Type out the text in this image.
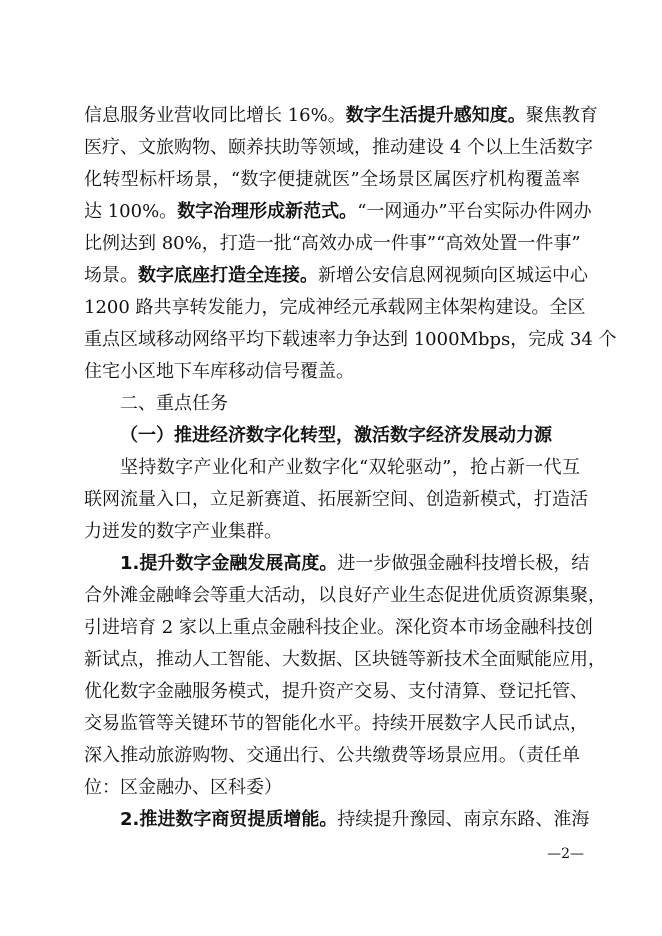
信息服务业营收同比增长 16%。数字生活提升感知度。聚焦教育
医疗、文旅购物、颐养扶助等领域，推动建设 4 个以上生活数字
化转型标杆场景，“数字便捷就医”全场景区属医疗机构覆盖率
达 100%。数字治理形成新范式。“一网通办”平台实际办件网办
比例达到 80%，打造一批“高效办成一件事”“高效处置一件事”
场景。数字底座打造全连接。新增公安信息网视频向区城运中心
1200 路共享转发能力，完成神经元承载网主体架构建设。全区
重点区域移动网络平均下载速率力争达到 1000Mbps，完成 34 个
住宅小区地下车库移动信号覆盖。
二、重点任务
（一）推进经济数字化转型，激活数字经济发展动力源
坚持数字产业化和产业数字化“双轮驱动”，抢占新一代互
联网流量入口，立足新赛道、拓展新空间、创造新模式，打造活
力迸发的数字产业集群。
1.提升数字金融发展高度。进一步做强金融科技增长极，结
合外滩金融峰会等重大活动，以良好产业生态促进优质资源集聚，
引进培育 2 家以上重点金融科技企业。深化资本市场金融科技创
新试点，推动人工智能、大数据、区块链等新技术全面赋能应用，
优化数字金融服务模式，提升资产交易、支付清算、登记托管、
交易监管等关键环节的智能化水平。持续开展数字人民币试点，
深入推动旅游购物、交通出行、公共缴费等场景应用。（责任单
位：区金融办、区科委）
2.推进数字商贸提质增能。持续提升豫园、南京东路、淮海
—2—
